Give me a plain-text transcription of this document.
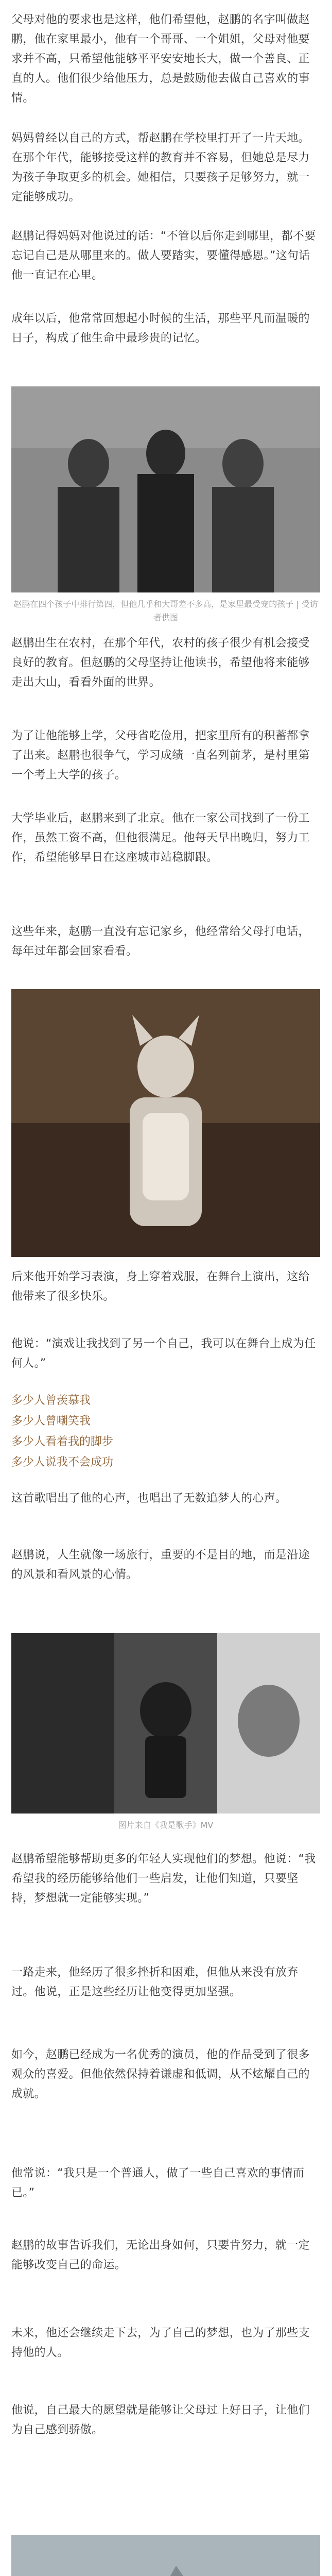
父母对他的要求也是这样，他们希望他，赵鹏的名字叫做赵鹏，他在家里最小，他有一个哥哥、一个姐姐，父母对他要求并不高，只希望他能够平平安安地长大，做一个善良、正直的人。他们很少给他压力，总是鼓励他去做自己喜欢的事情。

妈妈曾经以自己的方式，帮赵鹏在学校里打开了一片天地。在那个年代，能够接受这样的教育并不容易，但她总是尽力为孩子争取更多的机会。她相信，只要孩子足够努力，就一定能够成功。

赵鹏记得妈妈对他说过的话：“不管以后你走到哪里，都不要忘记自己是从哪里来的。做人要踏实，要懂得感恩。”这句话他一直记在心里。

成年以后，他常常回想起小时候的生活，那些平凡而温暖的日子，构成了他生命中最珍贵的记忆。

赵鹏在四个孩子中排行第四，但他几乎和大哥差不多高，是家里最受宠的孩子 | 受访者供图

赵鹏出生在农村，在那个年代，农村的孩子很少有机会接受良好的教育。但赵鹏的父母坚持让他读书，希望他将来能够走出大山，看看外面的世界。

为了让他能够上学，父母省吃俭用，把家里所有的积蓄都拿了出来。赵鹏也很争气，学习成绩一直名列前茅，是村里第一个考上大学的孩子。

大学毕业后，赵鹏来到了北京。他在一家公司找到了一份工作，虽然工资不高，但他很满足。他每天早出晚归，努力工作，希望能够早日在这座城市站稳脚跟。

这些年来，赵鹏一直没有忘记家乡，他经常给父母打电话，每年过年都会回家看看。

后来他开始学习表演，身上穿着戏服，在舞台上演出，这给他带来了很多快乐。

他说：“演戏让我找到了另一个自己，我可以在舞台上成为任何人。”

多少人曾羡慕我
多少人曾嘲笑我
多少人看着我的脚步
多少人说我不会成功

这首歌唱出了他的心声，也唱出了无数追梦人的心声。

赵鹏说，人生就像一场旅行，重要的不是目的地，而是沿途的风景和看风景的心情。

图片来自《我是歌手》MV

赵鹏希望能够帮助更多的年轻人实现他们的梦想。他说：“我希望我的经历能够给他们一些启发，让他们知道，只要坚持，梦想就一定能够实现。”

一路走来，他经历了很多挫折和困难，但他从来没有放弃过。他说，正是这些经历让他变得更加坚强。

如今，赵鹏已经成为一名优秀的演员，他的作品受到了很多观众的喜爱。但他依然保持着谦虚和低调，从不炫耀自己的成就。

他常说：“我只是一个普通人，做了一些自己喜欢的事情而已。”

赵鹏的故事告诉我们，无论出身如何，只要肯努力，就一定能够改变自己的命运。

未来，他还会继续走下去，为了自己的梦想，也为了那些支持他的人。

他说，自己最大的愿望就是能够让父母过上好日子，让他们为自己感到骄傲。
